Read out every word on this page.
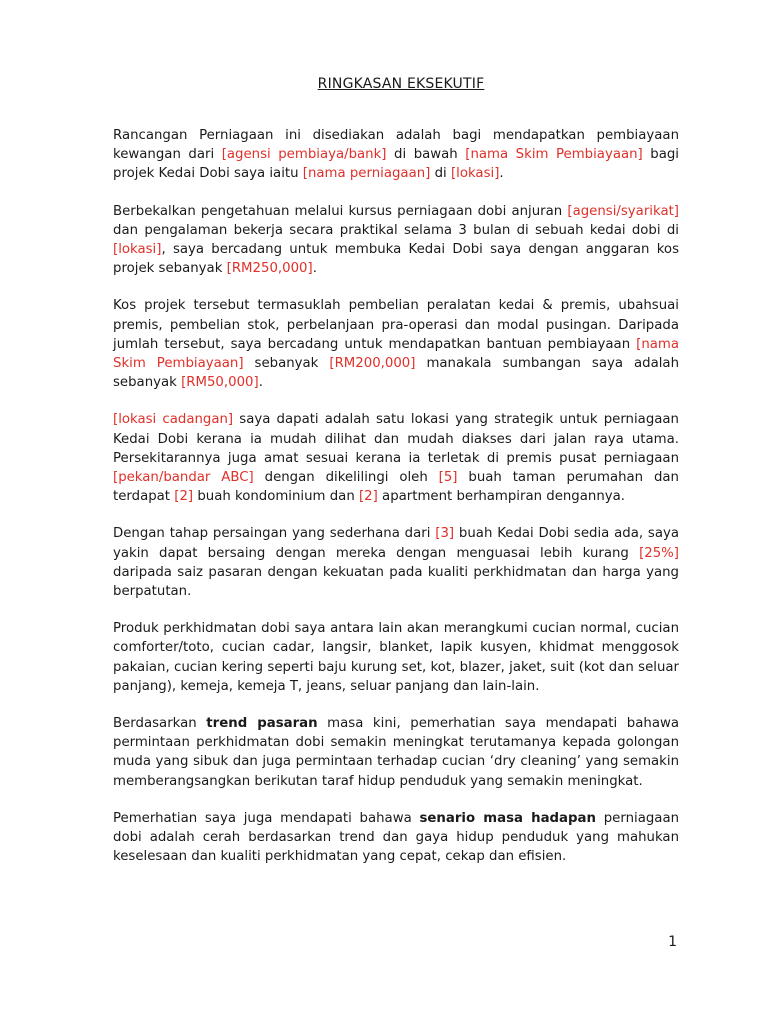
RINGKASAN EKSEKUTIF

Rancangan Perniagaan ini disediakan adalah bagi mendapatkan pembiayaan kewangan dari [agensi pembiaya/bank] di bawah [nama Skim Pembiayaan] bagi projek Kedai Dobi saya iaitu [nama perniagaan] di [lokasi].

Berbekalkan pengetahuan melalui kursus perniagaan dobi anjuran [agensi/syarikat] dan pengalaman bekerja secara praktikal selama 3 bulan di sebuah kedai dobi di [lokasi], saya bercadang untuk membuka Kedai Dobi saya dengan anggaran kos projek sebanyak [RM250,000].

Kos projek tersebut termasuklah pembelian peralatan kedai & premis, ubahsuai premis, pembelian stok, perbelanjaan pra-operasi dan modal pusingan. Daripada jumlah tersebut, saya bercadang untuk mendapatkan bantuan pembiayaan [nama Skim Pembiayaan] sebanyak [RM200,000] manakala sumbangan saya adalah sebanyak [RM50,000].

[lokasi cadangan] saya dapati adalah satu lokasi yang strategik untuk perniagaan Kedai Dobi kerana ia mudah dilihat dan mudah diakses dari jalan raya utama. Persekitarannya juga amat sesuai kerana ia terletak di premis pusat perniagaan [pekan/bandar ABC] dengan dikelilingi oleh [5] buah taman perumahan dan terdapat [2] buah kondominium dan [2] apartment berhampiran dengannya.

Dengan tahap persaingan yang sederhana dari [3] buah Kedai Dobi sedia ada, saya yakin dapat bersaing dengan mereka dengan menguasai lebih kurang [25%] daripada saiz pasaran dengan kekuatan pada kualiti perkhidmatan dan harga yang berpatutan.

Produk perkhidmatan dobi saya antara lain akan merangkumi cucian normal, cucian comforter/toto, cucian cadar, langsir, blanket, lapik kusyen, khidmat menggosok pakaian, cucian kering seperti baju kurung set, kot, blazer, jaket, suit (kot dan seluar panjang), kemeja, kemeja T, jeans, seluar panjang dan lain-lain.

Berdasarkan trend pasaran masa kini, pemerhatian saya mendapati bahawa permintaan perkhidmatan dobi semakin meningkat terutamanya kepada golongan muda yang sibuk dan juga permintaan terhadap cucian ‘dry cleaning’ yang semakin memberangsangkan berikutan taraf hidup penduduk yang semakin meningkat.

Pemerhatian saya juga mendapati bahawa senario masa hadapan perniagaan dobi adalah cerah berdasarkan trend dan gaya hidup penduduk yang mahukan keselesaan dan kualiti perkhidmatan yang cepat, cekap dan efisien.

1
